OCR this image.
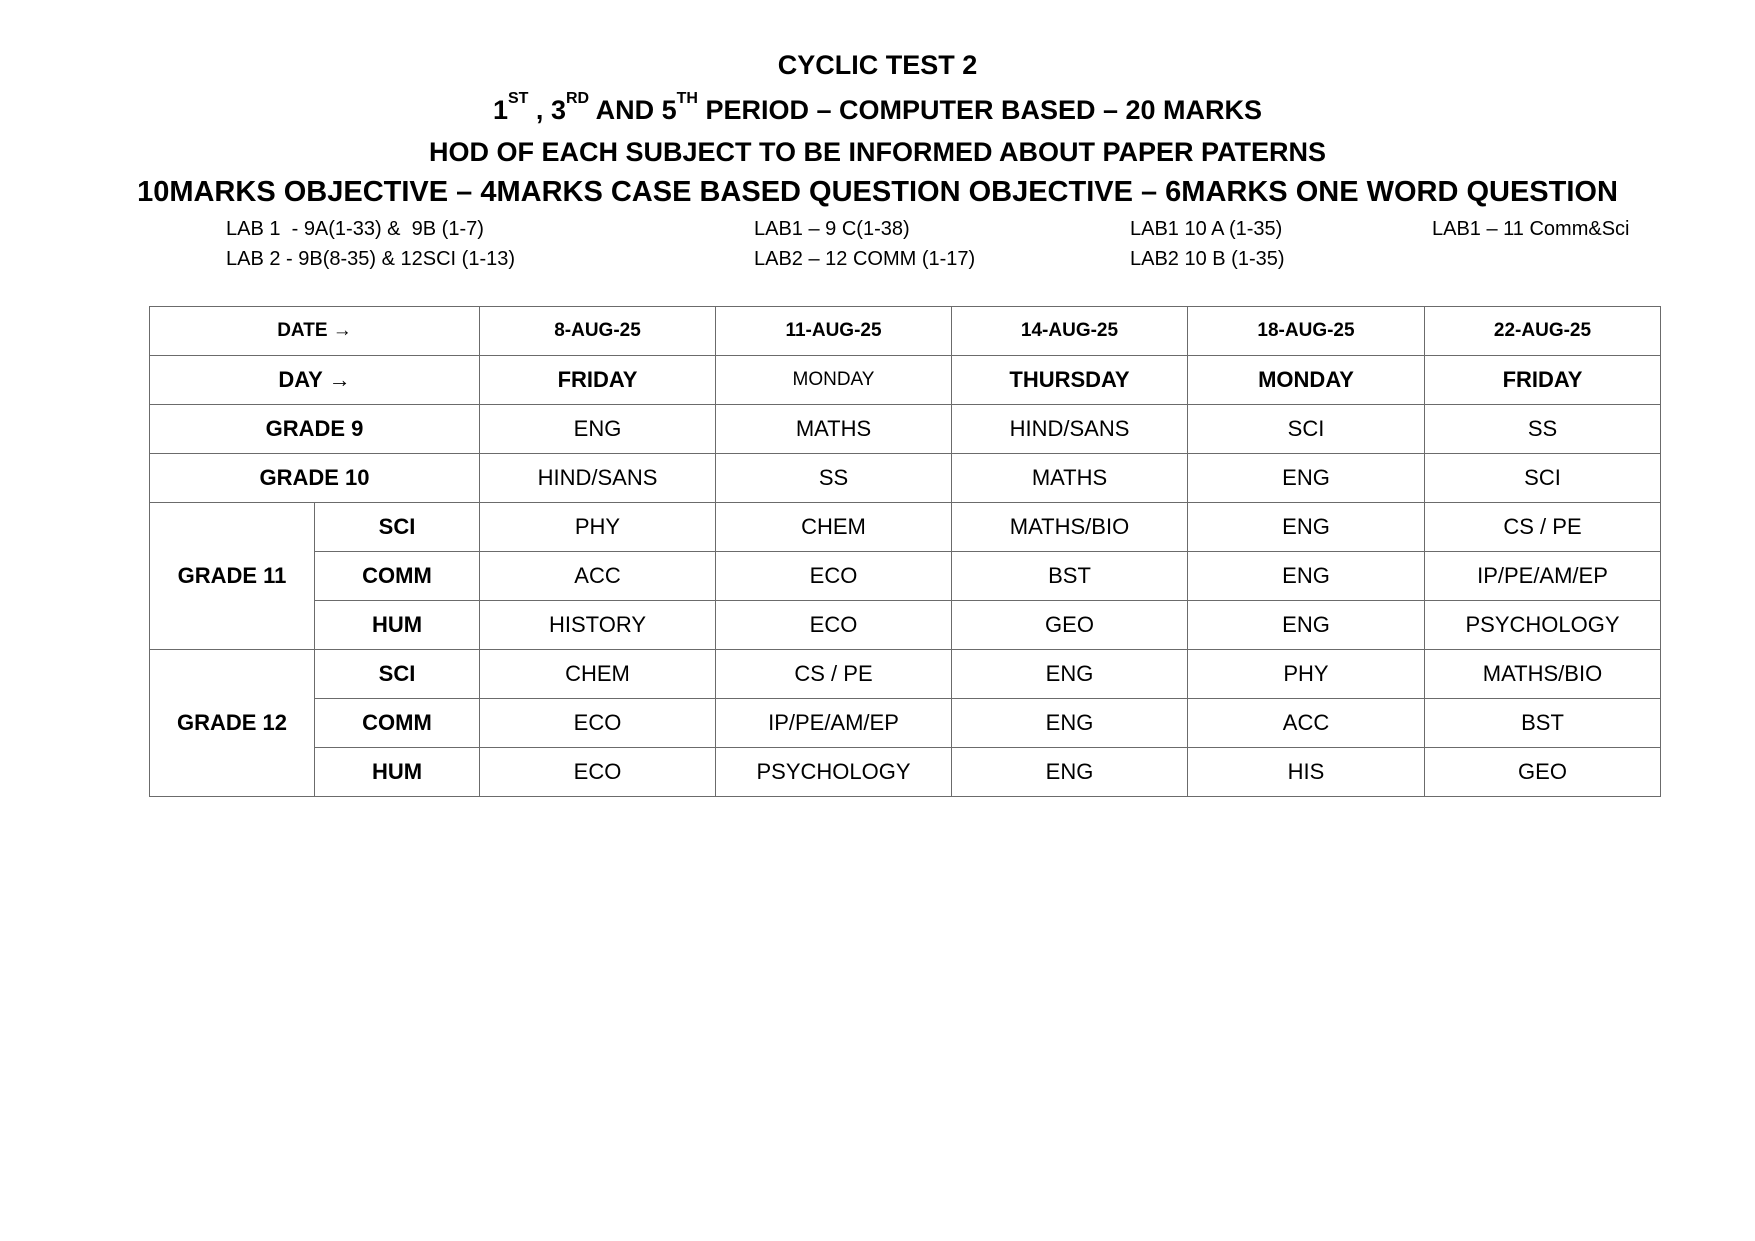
CYCLIC TEST 2
1ST , 3RD AND 5TH PERIOD – COMPUTER BASED – 20 MARKS
HOD OF EACH SUBJECT TO BE INFORMED ABOUT PAPER PATERNS
10MARKS OBJECTIVE – 4MARKS CASE BASED QUESTION OBJECTIVE – 6MARKS ONE WORD QUESTION
LAB 1  - 9A(1-33) &  9B (1-7)
LAB 2 - 9B(8-35) & 12SCI (1-13)
LAB1 – 9 C(1-38)
LAB2 – 12 COMM (1-17)
LAB1 10 A (1-35)
LAB2 10 B (1-35)
LAB1 – 11 Comm&Sci
DATE →		8-AUG-25	11-AUG-25	14-AUG-25	18-AUG-25	22-AUG-25
DAY →		FRIDAY	MONDAY	THURSDAY	MONDAY	FRIDAY
GRADE 9		ENG	MATHS	HIND/SANS	SCI	SS
GRADE 10		HIND/SANS	SS	MATHS	ENG	SCI
GRADE 11	SCI	PHY	CHEM	MATHS/BIO	ENG	CS / PE
	COMM	ACC	ECO	BST	ENG	IP/PE/AM/EP
	HUM	HISTORY	ECO	GEO	ENG	PSYCHOLOGY
GRADE 12	SCI	CHEM	CS / PE	ENG	PHY	MATHS/BIO
	COMM	ECO	IP/PE/AM/EP	ENG	ACC	BST
	HUM	ECO	PSYCHOLOGY	ENG	HIS	GEO
